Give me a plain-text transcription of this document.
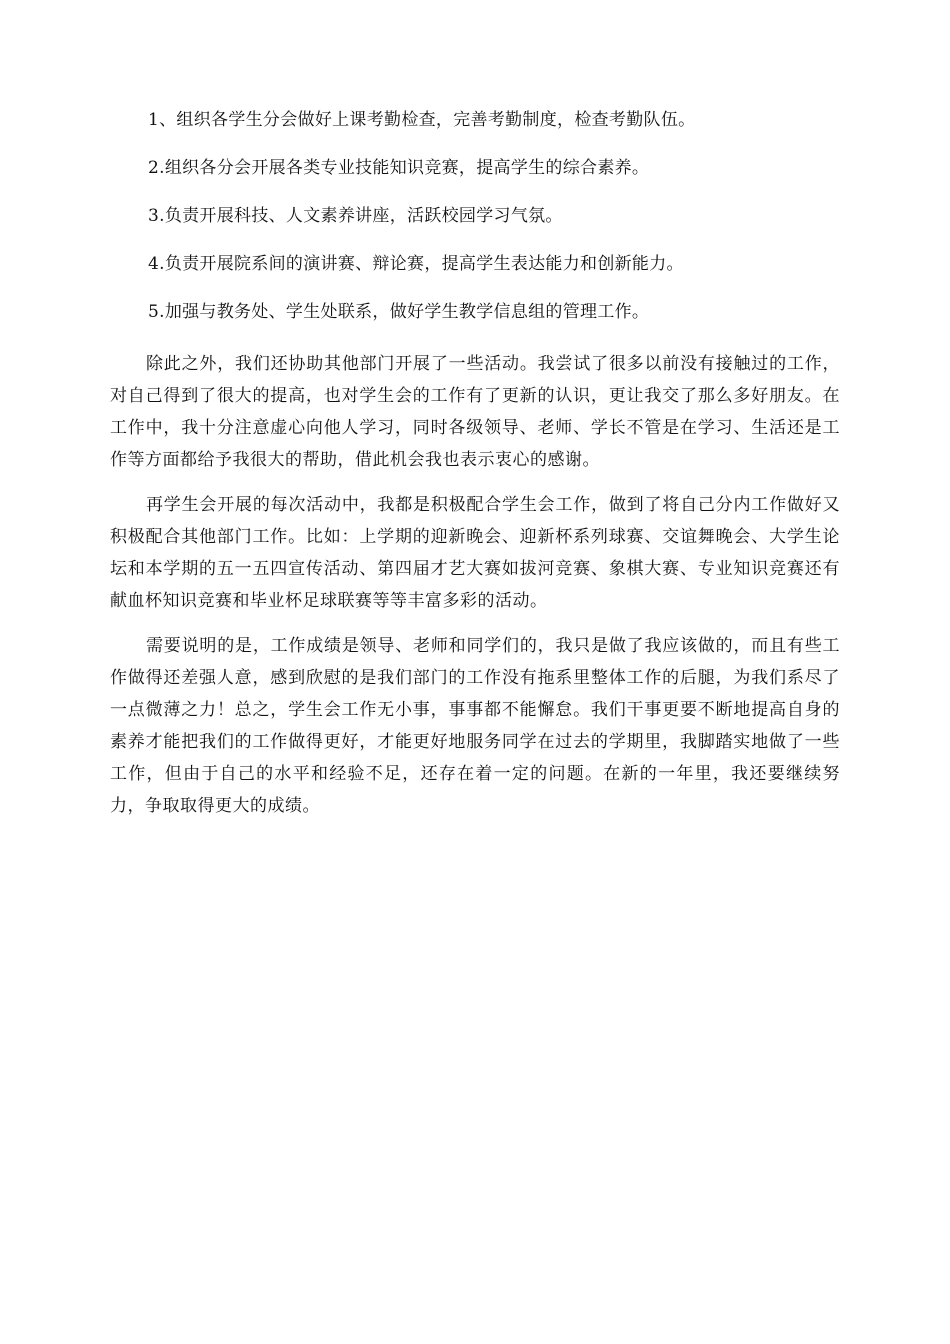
1、组织各学生分会做好上课考勤检查，完善考勤制度，检查考勤队伍。

2.组织各分会开展各类专业技能知识竞赛，提高学生的综合素养。

3.负责开展科技、人文素养讲座，活跃校园学习气氛。

4.负责开展院系间的演讲赛、辩论赛，提高学生表达能力和创新能力。

5.加强与教务处、学生处联系，做好学生教学信息组的管理工作。

除此之外，我们还协助其他部门开展了一些活动。我尝试了很多以前没有接触过的工作，对自己得到了很大的提高，也对学生会的工作有了更新的认识，更让我交了那么多好朋友。在工作中，我十分注意虚心向他人学习，同时各级领导、老师、学长不管是在学习、生活还是工作等方面都给予我很大的帮助，借此机会我也表示衷心的感谢。

再学生会开展的每次活动中，我都是积极配合学生会工作，做到了将自己分内工作做好又积极配合其他部门工作。比如：上学期的迎新晚会、迎新杯系列球赛、交谊舞晚会、大学生论坛和本学期的五一五四宣传活动、第四届才艺大赛如拔河竞赛、象棋大赛、专业知识竞赛还有献血杯知识竞赛和毕业杯足球联赛等等丰富多彩的活动。

需要说明的是，工作成绩是领导、老师和同学们的，我只是做了我应该做的，而且有些工作做得还差强人意，感到欣慰的是我们部门的工作没有拖系里整体工作的后腿，为我们系尽了一点微薄之力！总之，学生会工作无小事，事事都不能懈怠。我们干事更要不断地提高自身的素养才能把我们的工作做得更好，才能更好地服务同学在过去的学期里，我脚踏实地做了一些工作，但由于自己的水平和经验不足，还存在着一定的问题。在新的一年里，我还要继续努力，争取取得更大的成绩。
